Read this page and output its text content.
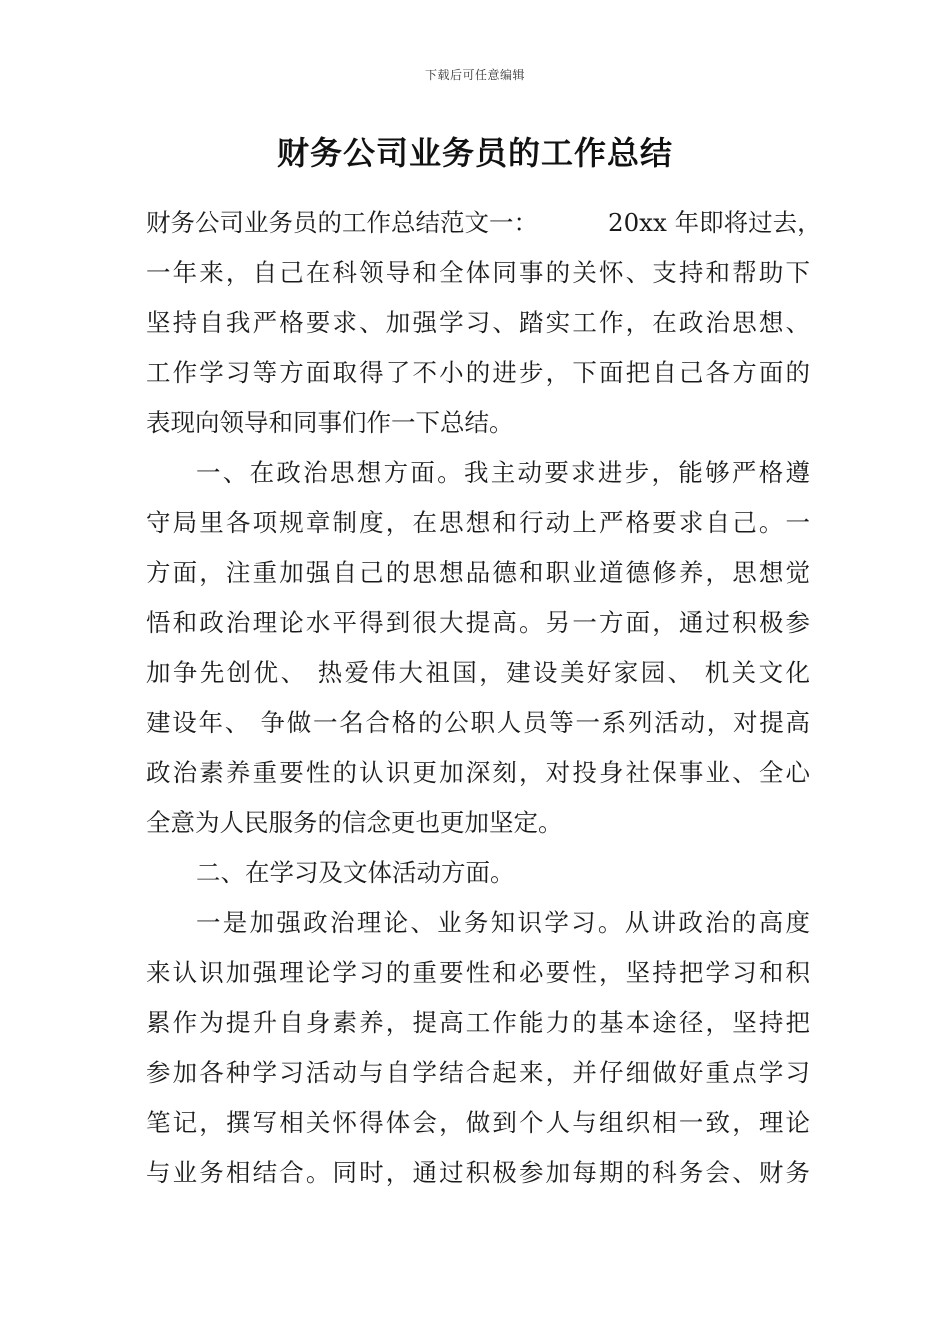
下载后可任意编辑
财务公司业务员的工作总结
财务公司业务员的工作总结范文一：	20xx 年即将过去，
一年来，自己在科领导和全体同事的关怀、支持和帮助下
坚持自我严格要求、加强学习、踏实工作，在政治思想、
工作学习等方面取得了不小的进步，下面把自己各方面的
表现向领导和同事们作一下总结。
一、在政治思想方面。我主动要求进步，能够严格遵
守局里各项规章制度，在思想和行动上严格要求自己。一
方面，注重加强自己的思想品德和职业道德修养，思想觉
悟和政治理论水平得到很大提高。另一方面，通过积极参
加争先创优、 热爱伟大祖国，建设美好家园、 机关文化
建设年、 争做一名合格的公职人员等一系列活动，对提高
政治素养重要性的认识更加深刻，对投身社保事业、全心
全意为人民服务的信念更也更加坚定。
二、在学习及文体活动方面。
一是加强政治理论、业务知识学习。从讲政治的高度
来认识加强理论学习的重要性和必要性，坚持把学习和积
累作为提升自身素养，提高工作能力的基本途径，坚持把
参加各种学习活动与自学结合起来，并仔细做好重点学习
笔记，撰写相关怀得体会，做到个人与组织相一致，理论
与业务相结合。同时，通过积极参加每期的科务会、财务
